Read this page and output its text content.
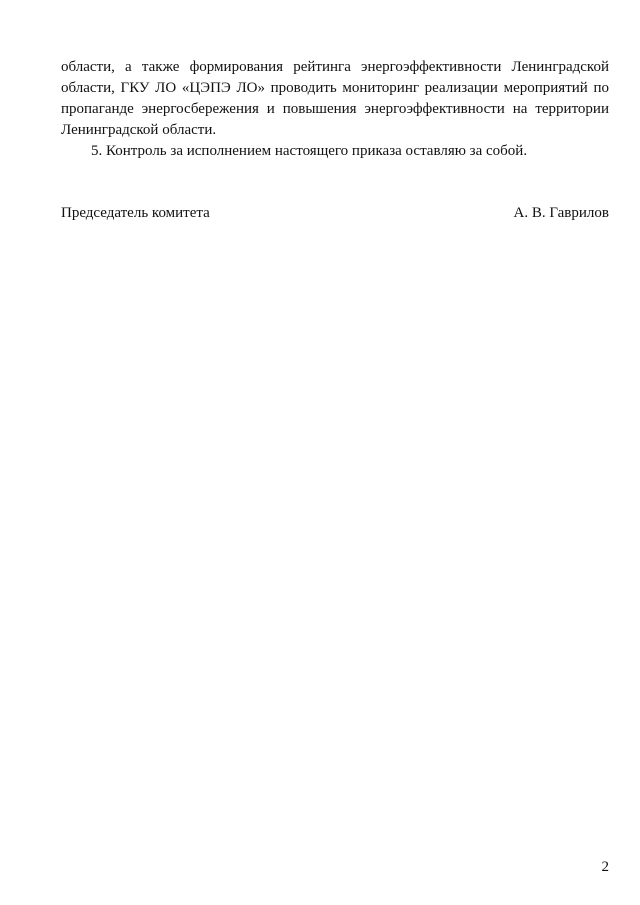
области, а также формирования рейтинга энергоэффективности Ленинградской области, ГКУ ЛО «ЦЭПЭ ЛО» проводить мониторинг реализации мероприятий по пропаганде энергосбережения и повышения энергоэффективности на территории Ленинградской области.

5. Контроль за исполнением настоящего приказа оставляю за собой.

Председатель комитета	А. В. Гаврилов
2
